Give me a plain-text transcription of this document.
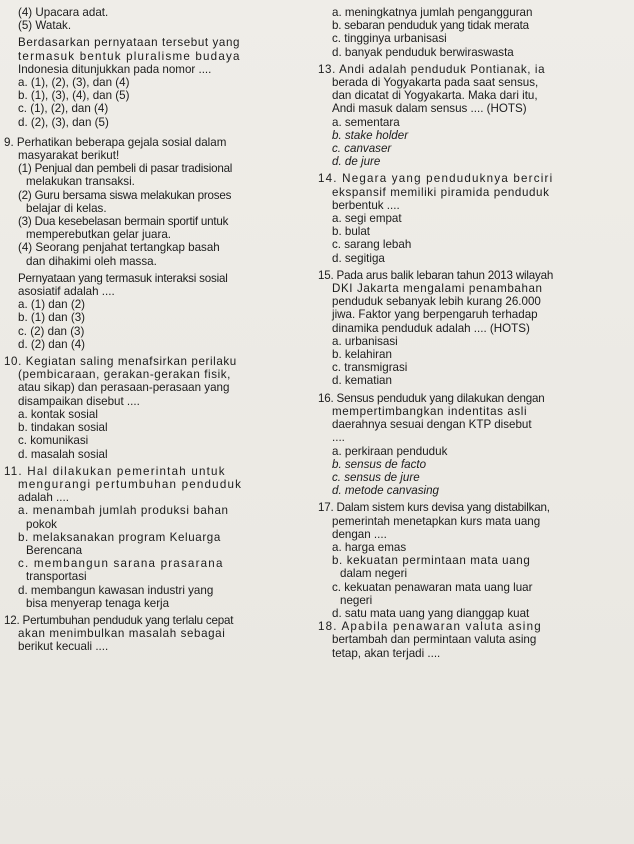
(4) Upacara adat.
(5) Watak.
Berdasarkan pernyataan tersebut yang
termasuk bentuk pluralisme budaya
Indonesia ditunjukkan pada nomor ....
a. (1), (2), (3), dan (4)
b. (1), (3), (4), dan (5)
c. (1), (2), dan (4)
d. (2), (3), dan (5)
9. Perhatikan beberapa gejala sosial dalam
masyarakat berikut!
(1) Penjual dan pembeli di pasar tradisional
melakukan transaksi.
(2) Guru bersama siswa melakukan proses
belajar di kelas.
(3) Dua kesebelasan bermain sportif untuk
memperebutkan gelar juara.
(4) Seorang penjahat tertangkap basah
dan dihakimi oleh massa.
Pernyataan yang termasuk interaksi sosial
asosiatif adalah ....
a. (1) dan (2)
b. (1) dan (3)
c. (2) dan (3)
d. (2) dan (4)
10. Kegiatan saling menafsirkan perilaku
(pembicaraan, gerakan-gerakan fisik,
atau sikap) dan perasaan-perasaan yang
disampaikan disebut ....
a. kontak sosial
b. tindakan sosial
c. komunikasi
d. masalah sosial
11. Hal dilakukan pemerintah untuk
mengurangi pertumbuhan penduduk
adalah ....
a. menambah jumlah produksi bahan
pokok
b. melaksanakan program Keluarga
Berencana
c. membangun sarana prasarana
transportasi
d. membangun kawasan industri yang
bisa menyerap tenaga kerja
12. Pertumbuhan penduduk yang terlalu cepat
akan menimbulkan masalah sebagai
berikut kecuali ....
a. meningkatnya jumlah pengangguran
b. sebaran penduduk yang tidak merata
c. tingginya urbanisasi
d. banyak penduduk berwiraswasta
13. Andi adalah penduduk Pontianak, ia
berada di Yogyakarta pada saat sensus,
dan dicatat di Yogyakarta. Maka dari itu,
Andi masuk dalam sensus .... (HOTS)
a. sementara
b. stake holder
c. canvaser
d. de jure
14. Negara yang penduduknya berciri
ekspansif memiliki piramida penduduk
berbentuk ....
a. segi empat
b. bulat
c. sarang lebah
d. segitiga
15. Pada arus balik lebaran tahun 2013 wilayah
DKI Jakarta mengalami penambahan
penduduk sebanyak lebih kurang 26.000
jiwa. Faktor yang berpengaruh terhadap
dinamika penduduk adalah .... (HOTS)
a. urbanisasi
b. kelahiran
c. transmigrasi
d. kematian
16. Sensus penduduk yang dilakukan dengan
mempertimbangkan indentitas asli
daerahnya sesuai dengan KTP disebut
....
a. perkiraan penduduk
b. sensus de facto
c. sensus de jure
d. metode canvasing
17. Dalam sistem kurs devisa yang distabilkan,
pemerintah menetapkan kurs mata uang
dengan ....
a. harga emas
b. kekuatan permintaan mata uang
dalam negeri
c. kekuatan penawaran mata uang luar
negeri
d. satu mata uang yang dianggap kuat
18. Apabila penawaran valuta asing
bertambah dan permintaan valuta asing
tetap, akan terjadi ....
